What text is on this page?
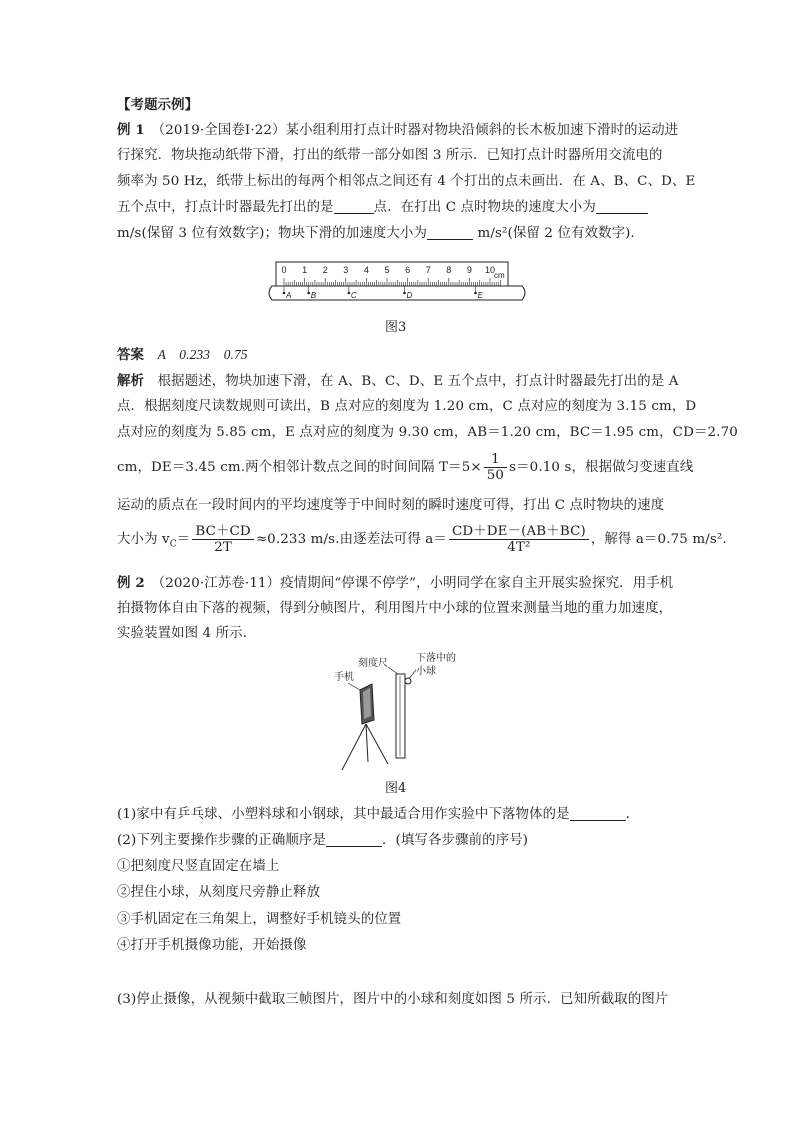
【考题示例】
例 1　 （2019·全国卷Ⅰ·22）某小组利用打点计时器对物块沿倾斜的长木板加速下滑时的运动进
行探究．物块拖动纸带下滑，打出的纸带一部分如图 3 所示．已知打点计时器所用交流电的
频率为 50 Hz，纸带上标出的每两个相邻点之间还有 4 个打出的点未画出．在 A、B、C、D、E
五个点中，打点计时器最先打出的是	点．在打出 C 点时物块的速度大小为
m/s(保留 3 位有效数字)；物块下滑的加速度大小为	m/s²(保留 2 位有效数字)．
0 1 2 3 4 5 6 7 8 9 10
cm
A B	C	D	E
图3
答案　 A　0.233　0.75
解析　 根据题述，物块加速下滑，在 A、B、C、D、E 五个点中，打点计时器最先打出的是 A
点．根据刻度尺读数规则可读出，B 点对应的刻度为 1.20 cm，C 点对应的刻度为 3.15 cm，D
点对应的刻度为 5.85 cm，E 点对应的刻度为 9.30 cm，AB＝1.20 cm，BC＝1.95 cm，CD＝2.70
cm，DE＝3.45 cm.两个相邻计数点之间的时间间隔 $T=5\times \frac{1}{50} s=0.10$ s，根据做匀变速直线
运动的质点在一段时间内的平均速度等于中间时刻的瞬时速度可得，打出 C 点时物块的速度
大小为 $v_C= \frac{BC+CD}{2T} \approx 0.233$ m/s.由逐差法可得 $a= \frac{CD+DE-(AB+BC)}{\text{4T²}}$ ，解得 a＝0.75 m/s².
例 2　 （2020·江苏卷·11）疫情期间“停课不停学”，小明同学在家自主开展实验探究．用手机
拍摄物体自由下落的视频，得到分帧图片，利用图片中小球的位置来测量当地的重力加速度，
实验装置如图 4 所示．
刻度尺	下落中的
小球
手机
图4
(1)家中有乒乓球、小塑料球和小钢球，其中最适合用作实验中下落物体的是	．
(2)下列主要操作步骤的正确顺序是	．(填写各步骤前的序号)
①把刻度尺竖直固定在墙上
②捏住小球，从刻度尺旁静止释放
③手机固定在三角架上，调整好手机镜头的位置
④打开手机摄像功能，开始摄像
(3)停止摄像，从视频中截取三帧图片，图片中的小球和刻度如图 5 所示．已知所截取的图片
